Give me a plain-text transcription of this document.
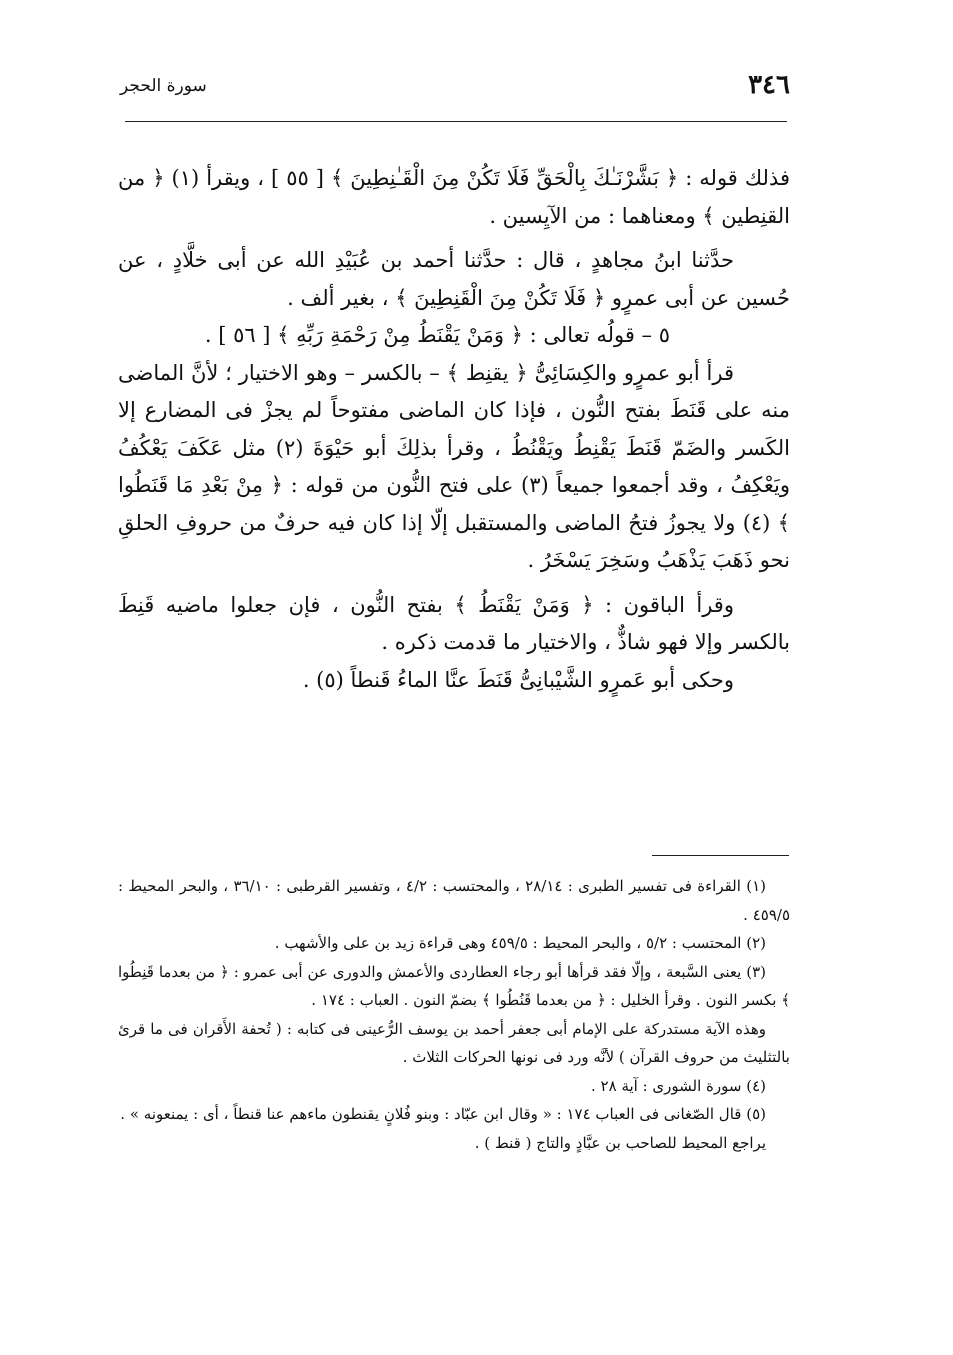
٣٤٦
سورة الحجر

فذلك قوله : ﴿ بَشَّرْنَـٰكَ بِالْحَقِّ فَلَا تَكُنْ مِنَ الْقَـٰنِطِينَ ﴾ [ ٥٥ ] ، ويقرأ (١) ﴿ من القنِطين ﴾ ومعناهما : من الآيِسين .

حدَّثنا ابنُ مجاهدٍ ، قال : حدَّثنا أحمد بن عُبَيْدِ الله عن أبى خلَّادٍ ، عن حُسين عن أبى عمرٍو ﴿ فَلَا تَكُنْ مِنَ الْقَنِطِينَ ﴾ ، بغير ألف .

٥ – قولُه تعالى : ﴿ وَمَنْ يَقْنَطُ مِنْ رَحْمَةِ رَبِّهِ ﴾ [ ٥٦ ] .

قرأ أبو عمرٍو والكِسَائِىُّ ﴿ يقنِط ﴾ – بالكسر – وهو الاختيار ؛ لأنَّ الماضى منه على قَنَطَ بفتح النُّون ، فإذا كان الماضى مفتوحاً لم يجزْ فى المضارع إلا الكَسر والضَمّ قَنَطَ يَقْنِطُ ويَقْنُطُ ، وقرأ بذلِكَ أبو حَيْوَةَ (٢) مثل عَكَفَ يَعْكُفُ ويَعْكِفُ ، وقد أجمعوا جميعاً (٣) على فتح النُّون من قوله : ﴿ مِنْ بَعْدِ مَا قَنَطُوا ﴾ (٤) ولا يجوزُ فتحُ الماضى والمستقبل إلّا إذا كان فيه حرفٌ من حروفِ الحلقِ نحو ذَهَبَ يَذْهَبُ وسَخِرَ يَسْخَرُ .

وقرأ الباقون : ﴿ وَمَنْ يَقْنَطُ ﴾ بفتح النُّون ، فإن جعلوا ماضيه قَنِطَ بالكسر وإلا فهو شاذٌّ ، والاختيار ما قدمت ذكره .

وحكى أبو عَمرٍو الشَّيْبانِىُّ قَنَطَ عنَّا الماءُ قَنطاً (٥) .

(١) القراءة فى تفسير الطبرى : ٢٨/١٤ ، والمحتسب : ٤/٢ ، وتفسير القرطبى : ٣٦/١٠ ، والبحر المحيط : ٤٥٩/٥ .

(٢) المحتسب : ٥/٢ ، والبحر المحيط : ٤٥٩/٥ وهى قراءة زيد بن على والأشهب .

(٣) يعنى السَّبعة ، وإلّا فقد قرأها أبو رجاء العطاردى والأعمش والدورى عن أبى عمرو : ﴿ من بعدما قَنِطُوا ﴾ بكسر النون . وقرأ الخليل : ﴿ من بعدما قَنُطُوا ﴾ بضمّ النون . العباب : ١٧٤ .

وهذه الآية مستدركة على الإمام أبى جعفر أحمد بن يوسف الرُّعينى فى كتابه : ( تُحفة الأَقران فى ما قرئ بالتثليث من حروف القرآن ) لأنَّه ورد فى نونها الحركات الثلاث .

(٤) سورة الشورى : آية ٢٨ .

(٥) قال الصّغانى فى العباب ١٧٤ : « وقال ابن عبّاد : وبنو فُلانٍ يقنطون ماءهم عنا قنطاً ، أى : يمنعونه » .

يراجع المحيط للصاحب بن عبَّادٍ والتاج ( قنط ) .
